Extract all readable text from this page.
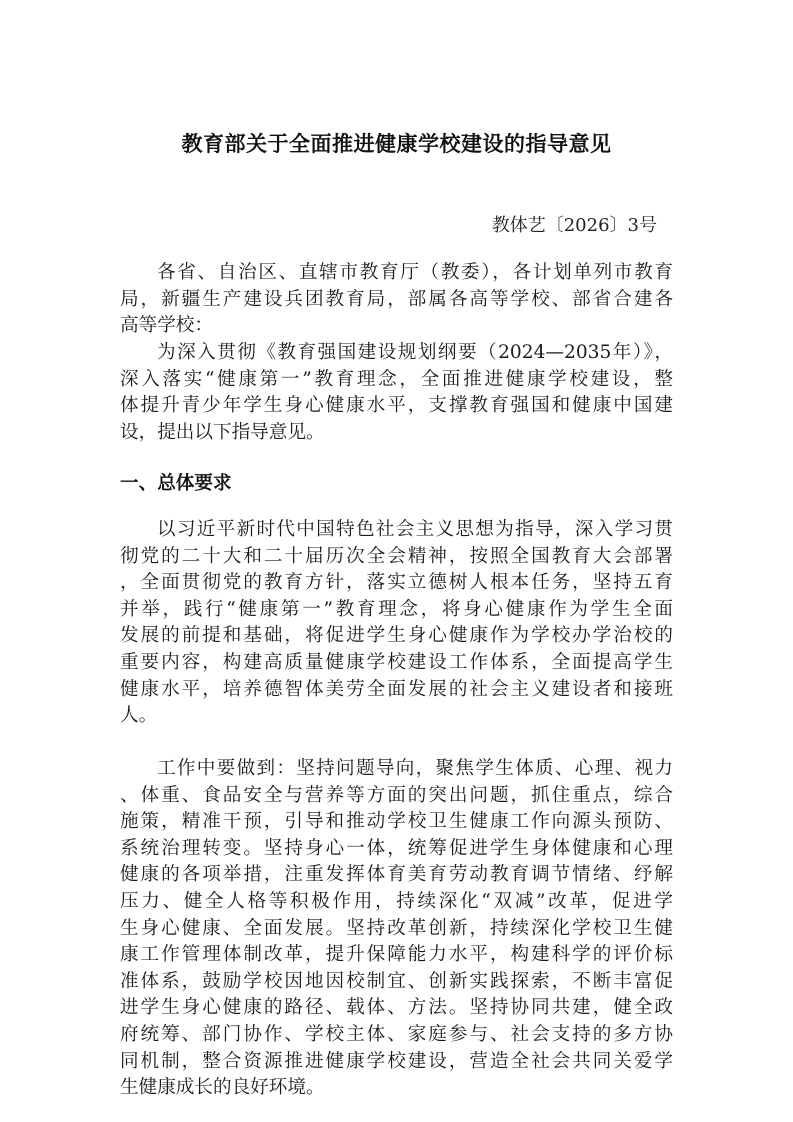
教育部关于全面推进健康学校建设的指导意见
教体艺〔2026〕3号
各省、自治区、直辖市教育厅（教委），各计划单列市教育
局，新疆生产建设兵团教育局，部属各高等学校、部省合建各
高等学校：
为深入贯彻《教育强国建设规划纲要（2024—2035年）》，
深入落实“健康第一”教育理念，全面推进健康学校建设，整
体提升青少年学生身心健康水平，支撑教育强国和健康中国建
设，提出以下指导意见。
一、总体要求
以习近平新时代中国特色社会主义思想为指导，深入学习贯
彻党的二十大和二十届历次全会精神，按照全国教育大会部署
，全面贯彻党的教育方针，落实立德树人根本任务，坚持五育
并举，践行“健康第一”教育理念，将身心健康作为学生全面
发展的前提和基础，将促进学生身心健康作为学校办学治校的
重要内容，构建高质量健康学校建设工作体系，全面提高学生
健康水平，培养德智体美劳全面发展的社会主义建设者和接班
人。
工作中要做到：坚持问题导向，聚焦学生体质、心理、视力
、体重、食品安全与营养等方面的突出问题，抓住重点，综合
施策，精准干预，引导和推动学校卫生健康工作向源头预防、
系统治理转变。坚持身心一体，统筹促进学生身体健康和心理
健康的各项举措，注重发挥体育美育劳动教育调节情绪、纾解
压力、健全人格等积极作用，持续深化“双减”改革，促进学
生身心健康、全面发展。坚持改革创新，持续深化学校卫生健
康工作管理体制改革，提升保障能力水平，构建科学的评价标
准体系，鼓励学校因地因校制宜、创新实践探索，不断丰富促
进学生身心健康的路径、载体、方法。坚持协同共建，健全政
府统筹、部门协作、学校主体、家庭参与、社会支持的多方协
同机制，整合资源推进健康学校建设，营造全社会共同关爱学
生健康成长的良好环境。
